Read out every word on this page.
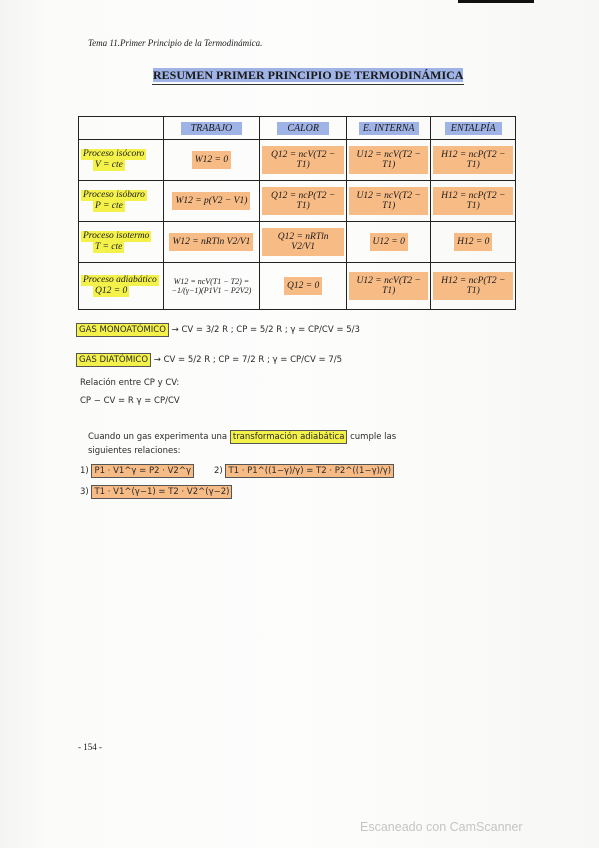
Tema 11.Primer Principio de la Termodinámica.
RESUMEN PRIMER PRINCIPIO DE TERMODINÁMICA
	TRABAJO	CALOR	E. INTERNA	ENTALPÍA
Proceso isócoro
V = cte	W12 = 0	Q12 = ncV(T2 − T1)	U12 = ncV(T2 − T1)	H12 = ncP(T2 − T1)
Proceso isóbaro
P = cte	W12 = p(V2 − V1)	Q12 = ncP(T2 − T1)	U12 = ncV(T2 − T1)	H12 = ncP(T2 − T1)
Proceso isotermo
T = cte	W12 = nRTln V2/V1	Q12 = nRTln V2/V1	U12 = 0	H12 = 0
Proceso adiabático
Q12 = 0	W12 = ncV(T1 − T2) = −1/(γ−1)(P1V1 − P2V2)	Q12 = 0	U12 = ncV(T2 − T1)	H12 = ncP(T2 − T1)
GAS MONOATÓMICO → CV = 3/2 R ; CP = 5/2 R ; γ = CP/CV = 5/3
GAS DIATÓMICO → CV = 5/2 R ; CP = 7/2 R ; γ = CP/CV = 7/5
Relación entre CP y CV:
CP − CV = R γ = CP/CV
Cuando un gas experimenta una transformación adiabática cumple las
siguientes relaciones:
1) P1 · V1^γ = P2 · V2^γ	2) T1 · P1^((1−γ)/γ) = T2 · P2^((1−γ)/γ)
3) T1 · V1^(γ−1) = T2 · V2^(γ−2)
- 154 -
Escaneado con CamScanner
